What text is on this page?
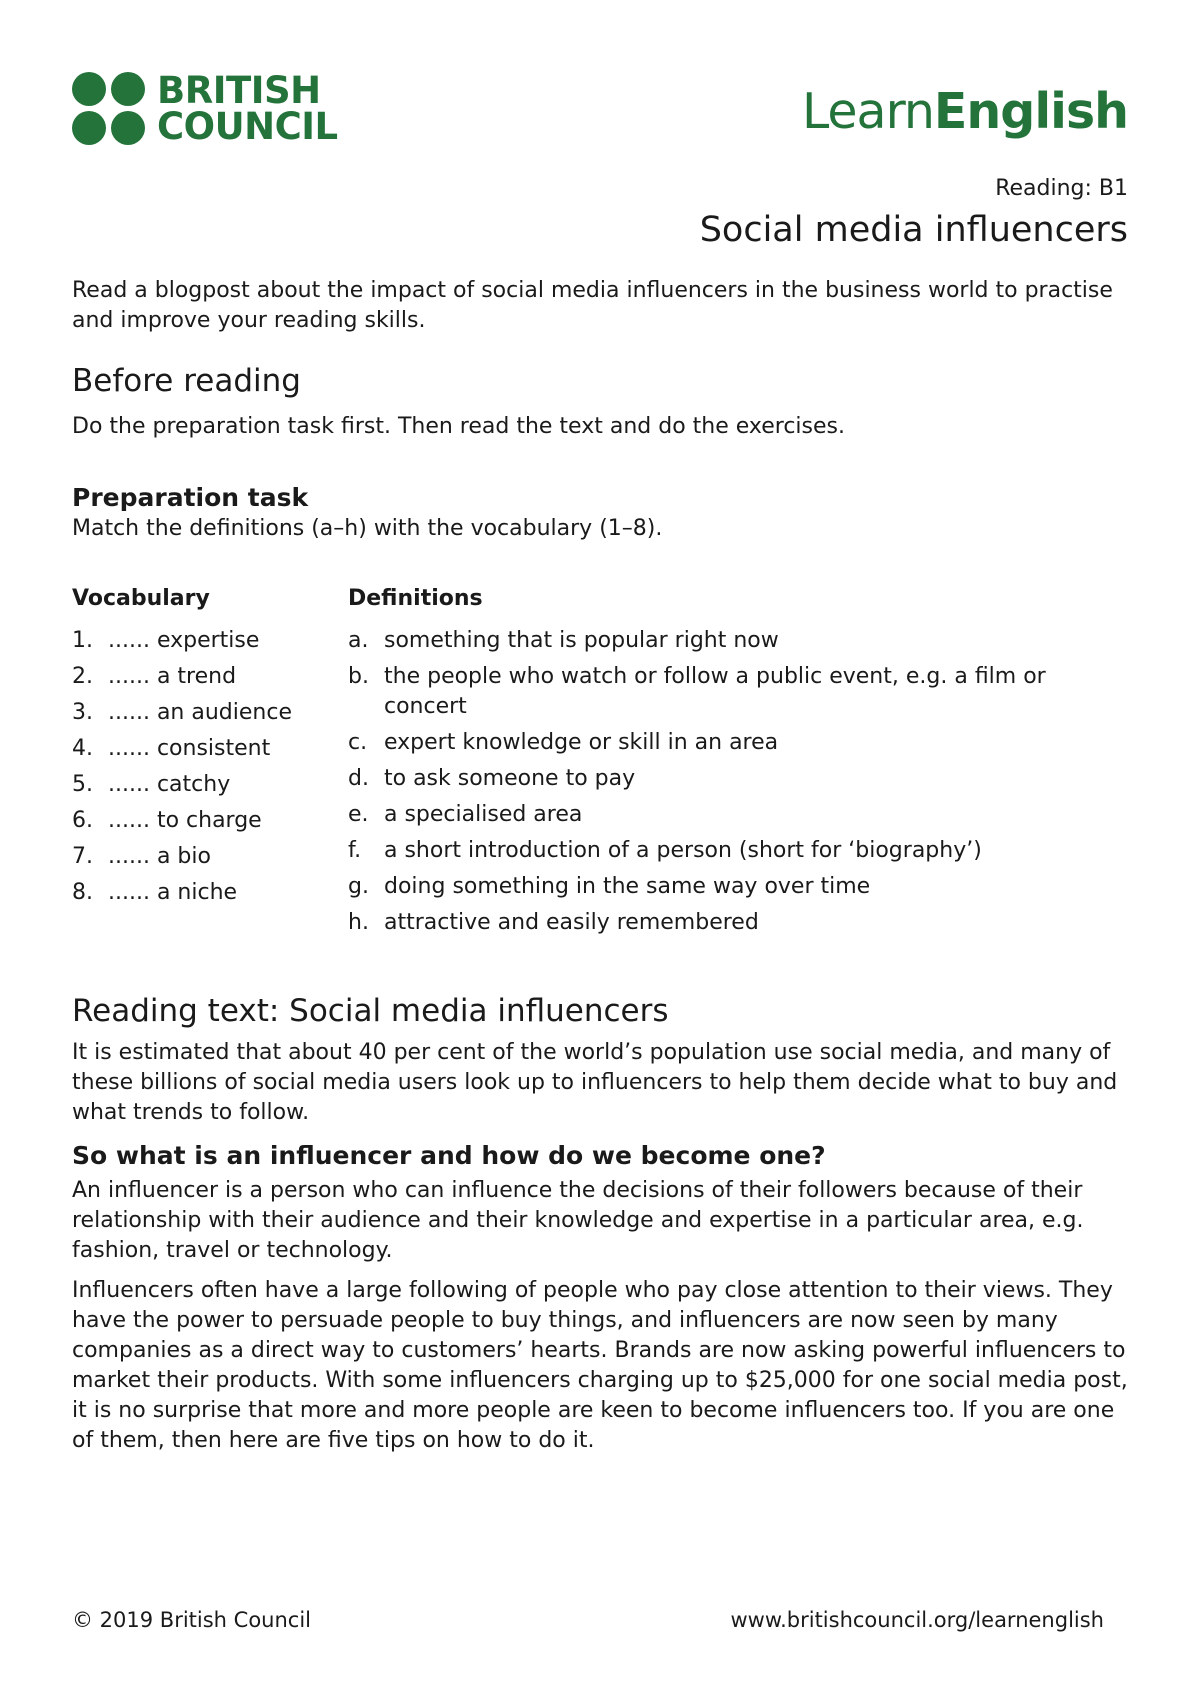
BRITISH
COUNCIL	LearnEnglish
Reading: B1
Social media influencers

Read a blogpost about the impact of social media influencers in the business world to practise and improve your reading skills.

Before reading

Do the preparation task first. Then read the text and do the exercises.

Preparation task

Match the definitions (a–h) with the vocabulary (1–8).

Vocabulary
1. ...... expertise
2. ...... a trend
3. ...... an audience
4. ...... consistent
5. ...... catchy
6. ...... to charge
7. ...... a bio
8. ...... a niche
Definitions
a. something that is popular right now
b. the people who watch or follow a public event, e.g. a film or concert
c. expert knowledge or skill in an area
d. to ask someone to pay
e. a specialised area
f.	a short introduction of a person (short for ‘biography’)
g. doing something in the same way over time
h. attractive and easily remembered
Reading text: Social media influencers

It is estimated that about 40 per cent of the world’s population use social media, and many of these billions of social media users look up to influencers to help them decide what to buy and what trends to follow.

So what is an influencer and how do we become one?

An influencer is a person who can influence the decisions of their followers because of their relationship with their audience and their knowledge and expertise in a particular area, e.g. fashion, travel or technology.

Influencers often have a large following of people who pay close attention to their views. They have the power to persuade people to buy things, and influencers are now seen by many companies as a direct way to customers’ hearts. Brands are now asking powerful influencers to market their products. With some influencers charging up to $25,000 for one social media post, it is no surprise that more and more people are keen to become influencers too. If you are one of them, then here are five tips on how to do it.

© 2019 British Council	www.britishcouncil.org/learnenglish
